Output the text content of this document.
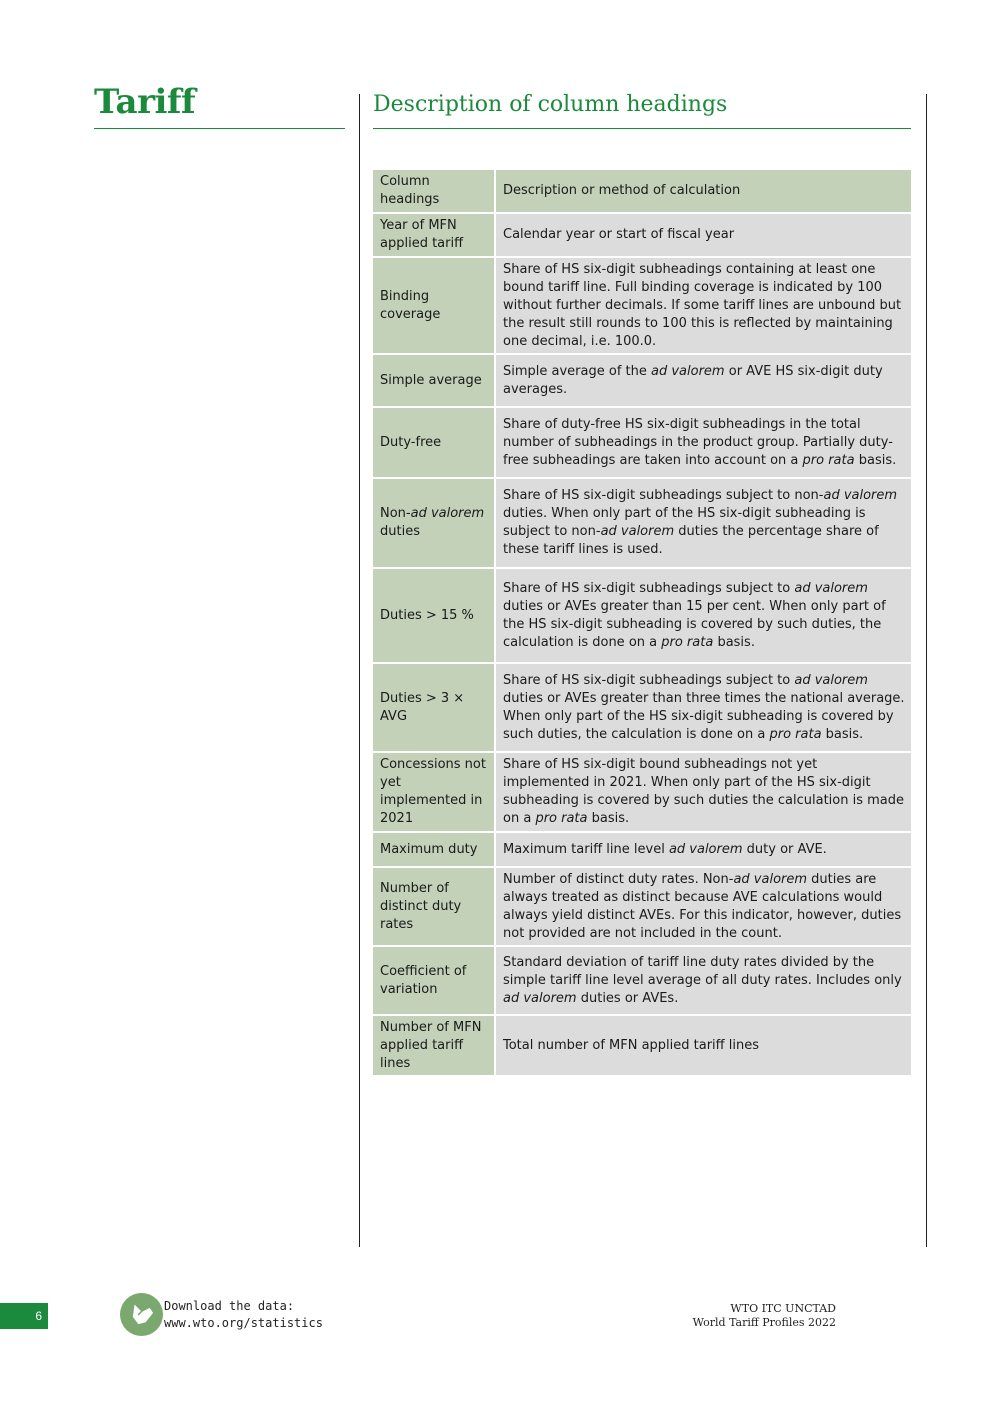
Tariff	Description of column headings
Column headings	Description or method of calculation
Year of MFN applied tariff	Calendar year or start of fiscal year
Binding coverage	Share of HS six-digit subheadings containing at least one bound tariff line. Full binding coverage is indicated by 100 without further decimals. If some tariff lines are unbound but the result still rounds to 100 this is reflected by maintaining one decimal, i.e. 100.0.
Simple average	Simple average of the ad valorem or AVE HS six-digit duty averages.
Duty-free	Share of duty-free HS six-digit subheadings in the total number of subheadings in the product group. Partially duty-free subheadings are taken into account on a pro rata basis.
Non-ad valorem duties	Share of HS six-digit subheadings subject to non-ad valorem duties. When only part of the HS six-digit subheading is subject to non-ad valorem duties the percentage share of these tariff lines is used.
Duties > 15 %	Share of HS six-digit subheadings subject to ad valorem duties or AVEs greater than 15 per cent. When only part of the HS six-digit subheading is covered by such duties, the calculation is done on a pro rata basis.
Duties > 3 × AVG	Share of HS six-digit subheadings subject to ad valorem duties or AVEs greater than three times the national average. When only part of the HS six-digit subheading is covered by such duties, the calculation is done on a pro rata basis.
Concessions not yet implemented in 2021	Share of HS six-digit bound subheadings not yet implemented in 2021. When only part of the HS six-digit subheading is covered by such duties the calculation is made on a pro rata basis.
Maximum duty	Maximum tariff line level ad valorem duty or AVE.
Number of distinct duty rates	Number of distinct duty rates. Non-ad valorem duties are always treated as distinct because AVE calculations would always yield distinct AVEs. For this indicator, however, duties not provided are not included in the count.
Coefficient of variation	Standard deviation of tariff line duty rates divided by the simple tariff line level average of all duty rates. Includes only ad valorem duties or AVEs.
Number of MFN applied tariff lines	Total number of MFN applied tariff lines
6
Download the data:
www.wto.org/statistics
WTO ITC UNCTAD
World Tariff Profiles 2022
